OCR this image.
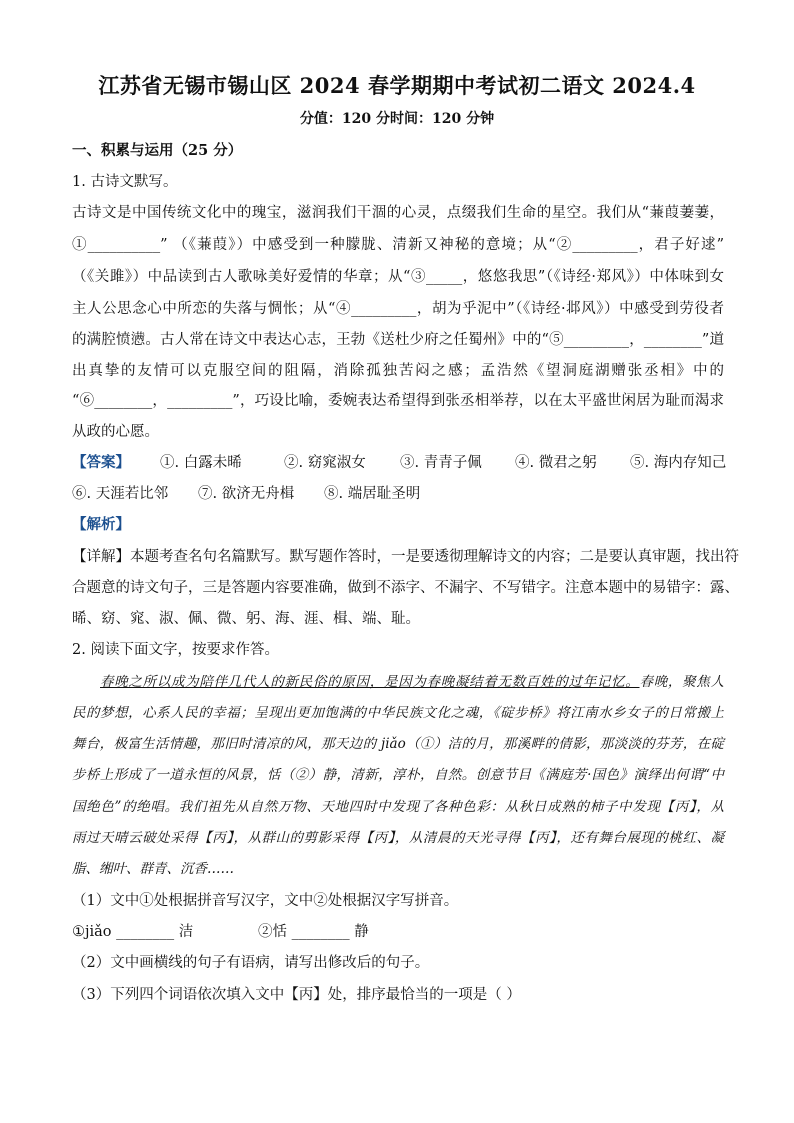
江苏省无锡市锡山区 2024 春学期期中考试初二语文 2024.4
分值：120 分时间：120 分钟
一、积累与运用（25 分）
1. 古诗文默写。
古诗文是中国传统文化中的瑰宝，滋润我们干涸的心灵，点缀我们生命的星空。我们从“蒹葭萋萋，
①__________” （《蒹葭》）中感受到一种朦胧、清新又神秘的意境；从“②_________，君子好逑”
（《关雎》）中品读到古人歌咏美好爱情的华章；从“③_____，悠悠我思”（《诗经·郑风》）中体味到女
主人公思念心中所恋的失落与惆怅；从“④_________，胡为乎泥中”（《诗经·邶风》）中感受到劳役者
的满腔愤懑。古人常在诗文中表达心志，王勃《送杜少府之任蜀州》中的“⑤_________，________”道
出真挚的友情可以克服空间的阻隔，消除孤独苦闷之感；孟浩然《望洞庭湖赠张丞相》中的
“⑥________，_________”，巧设比喻，委婉表达希望得到张丞相举荐，以在太平盛世闲居为耻而渴求
从政的心愿。
【答案】 ①. 白露未晞	②. 窈窕淑女 ③. 青青子佩 ④. 微君之躬 ⑤. 海内存知己
⑥. 天涯若比邻 ⑦. 欲济无舟楫 ⑧. 端居耻圣明
【解析】
【详解】本题考查名句名篇默写。默写题作答时，一是要透彻理解诗文的内容；二是要认真审题，找出符
合题意的诗文句子，三是答题内容要准确，做到不添字、不漏字、不写错字。注意本题中的易错字：露、
晞、窈、窕、淑、佩、微、躬、海、涯、楫、端、耻。
2. 阅读下面文字，按要求作答。
春晚之所以成为陪伴几代人的新民俗的原因，是因为春晚凝结着无数百姓的过年记忆。春晚，聚焦人
民的梦想，心系人民的幸福；呈现出更加饱满的中华民族文化之魂，《碇步桥》将江南水乡女子的日常搬上
舞台，极富生活情趣，那旧时清凉的风，那天边的 jiǎo（①）洁的月，那溪畔的倩影，那淡淡的芬芳，在碇
步桥上形成了一道永恒的风景，恬（②）静，清新，淳朴，自然。创意节目《满庭芳·国色》演绎出何谓“中
国绝色”的绝唱。我们祖先从自然万物、天地四时中发现了各种色彩：从秋日成熟的柿子中发现【丙】，从
雨过天晴云破处采得【丙】，从群山的剪影采得【丙】，从清晨的天光寻得【丙】，还有舞台展现的桃红、凝
脂、缃叶、群青、沉香……
（1）文中①处根据拼音写汉字，文中②处根据汉字写拼音。
①jiǎo ________ 洁	②恬 ________ 静
（2）文中画横线的句子有语病，请写出修改后的句子。
（3）下列四个词语依次填入文中【丙】处，排序最恰当的一项是（ ）
